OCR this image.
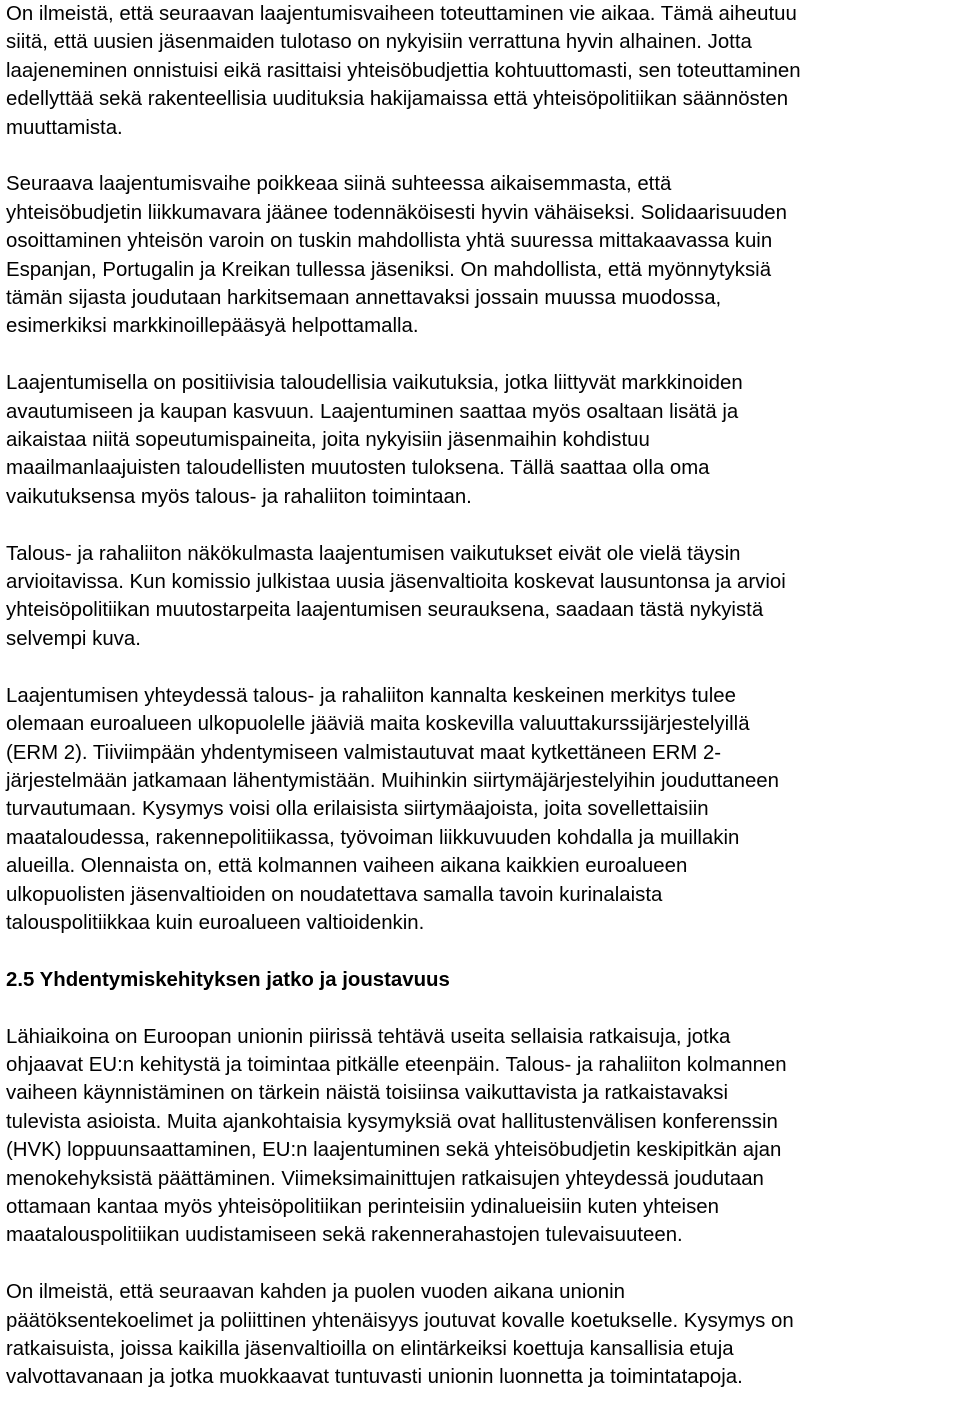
On ilmeistä, että seuraavan laajentumisvaiheen toteuttaminen vie aikaa. Tämä aiheutuu
siitä, että uusien jäsenmaiden tulotaso on nykyisiin verrattuna hyvin alhainen. Jotta
laajeneminen onnistuisi eikä rasittaisi yhteisöbudjettia kohtuuttomasti, sen toteuttaminen
edellyttää sekä rakenteellisia uudituksia hakijamaissa että yhteisöpolitiikan säännösten
muuttamista.
Seuraava laajentumisvaihe poikkeaa siinä suhteessa aikaisemmasta, että
yhteisöbudjetin liikkumavara jäänee todennäköisesti hyvin vähäiseksi. Solidaarisuuden
osoittaminen yhteisön varoin on tuskin mahdollista yhtä suuressa mittakaavassa kuin
Espanjan, Portugalin ja Kreikan tullessa jäseniksi. On mahdollista, että myönnytyksiä
tämän sijasta joudutaan harkitsemaan annettavaksi jossain muussa muodossa,
esimerkiksi markkinoillepääsyä helpottamalla.
Laajentumisella on positiivisia taloudellisia vaikutuksia, jotka liittyvät markkinoiden
avautumiseen ja kaupan kasvuun. Laajentuminen saattaa myös osaltaan lisätä ja
aikaistaa niitä sopeutumispaineita, joita nykyisiin jäsenmaihin kohdistuu
maailmanlaajuisten taloudellisten muutosten tuloksena. Tällä saattaa olla oma
vaikutuksensa myös talous- ja rahaliiton toimintaan.
Talous- ja rahaliiton näkökulmasta laajentumisen vaikutukset eivät ole vielä täysin
arvioitavissa. Kun komissio julkistaa uusia jäsenvaltioita koskevat lausuntonsa ja arvioi
yhteisöpolitiikan muutostarpeita laajentumisen seurauksena, saadaan tästä nykyistä
selvempi kuva.
Laajentumisen yhteydessä talous- ja rahaliiton kannalta keskeinen merkitys tulee
olemaan euroalueen ulkopuolelle jääviä maita koskevilla valuuttakurssijärjestelyillä
(ERM 2). Tiiviimpään yhdentymiseen valmistautuvat maat kytkettäneen ERM 2-
järjestelmään jatkamaan lähentymistään. Muihinkin siirtymäjärjestelyihin jouduttaneen
turvautumaan. Kysymys voisi olla erilaisista siirtymäajoista, joita sovellettaisiin
maataloudessa, rakennepolitiikassa, työvoiman liikkuvuuden kohdalla ja muillakin
alueilla. Olennaista on, että kolmannen vaiheen aikana kaikkien euroalueen
ulkopuolisten jäsenvaltioiden on noudatettava samalla tavoin kurinalaista
talouspolitiikkaa kuin euroalueen valtioidenkin.
2.5 Yhdentymiskehityksen jatko ja joustavuus
Lähiaikoina on Euroopan unionin piirissä tehtävä useita sellaisia ratkaisuja, jotka
ohjaavat EU:n kehitystä ja toimintaa pitkälle eteenpäin. Talous- ja rahaliiton kolmannen
vaiheen käynnistäminen on tärkein näistä toisiinsa vaikuttavista ja ratkaistavaksi
tulevista asioista. Muita ajankohtaisia kysymyksiä ovat hallitustenvälisen konferenssin
(HVK) loppuunsaattaminen, EU:n laajentuminen sekä yhteisöbudjetin keskipitkän ajan
menokehyksistä päättäminen. Viimeksimainittujen ratkaisujen yhteydessä joudutaan
ottamaan kantaa myös yhteisöpolitiikan perinteisiin ydinalueisiin kuten yhteisen
maatalouspolitiikan uudistamiseen sekä rakennerahastojen tulevaisuuteen.
On ilmeistä, että seuraavan kahden ja puolen vuoden aikana unionin
päätöksentekoelimet ja poliittinen yhtenäisyys joutuvat kovalle koetukselle. Kysymys on
ratkaisuista, joissa kaikilla jäsenvaltioilla on elintärkeiksi koettuja kansallisia etuja
valvottavanaan ja jotka muokkaavat tuntuvasti unionin luonnetta ja toimintatapoja.
